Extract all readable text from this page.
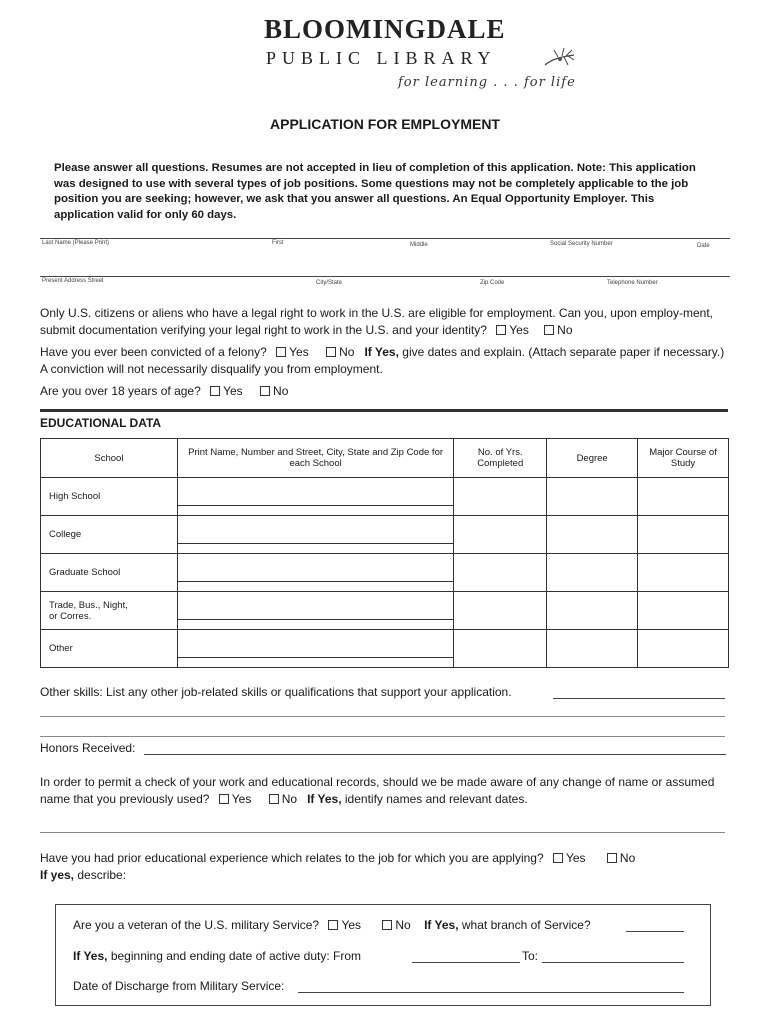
BLOOMINGDALE
PUBLIC LIBRARY
for learning . . . for life
APPLICATION FOR EMPLOYMENT
Please answer all questions. Resumes are not accepted in lieu of completion of this application. Note: This application was designed to use with several types of job positions. Some questions may not be completely applicable to the job position you are seeking; however, we ask that you answer all questions. An Equal Opportunity Employer. This application valid for only 60 days.
Last Name (Please Print)	First	Middle	Social Security Number	Date
Present Address Street	City/State	Zip Code	Telephone Number
Only U.S. citizens or aliens who have a legal right to work in the U.S. are eligible for employment. Can you, upon employ-ment, submit documentation verifying your legal right to work in the U.S. and your identity? Yes No
Have you ever been convicted of a felony? Yes	No If Yes, give dates and explain. (Attach separate paper if necessary.) A conviction will not necessarily disqualify you from employment.
Are you over 18 years of age? Yes	No
EDUCATIONAL DATA
School	Print Name, Number and Street, City, State and Zip Code for each School	No. of Yrs. Completed	Degree	Major Course of Study
High School	

College	

Graduate School	

Trade, Bus., Night, or Corres.				

Other	

Other skills: List any other job-related skills or qualifications that support your application.
Honors Received:
In order to permit a check of your work and educational records, should we be made aware of any change of name or assumed name that you previously used? Yes	No If Yes, identify names and relevant dates.
Have you had prior educational experience which relates to the job for which you are applying? Yes	No
If yes, describe:
Are you a veteran of the U.S. military Service? Yes	No If Yes, what branch of Service?
If Yes, beginning and ending date of active duty: From	To:
Date of Discharge from Military Service:
